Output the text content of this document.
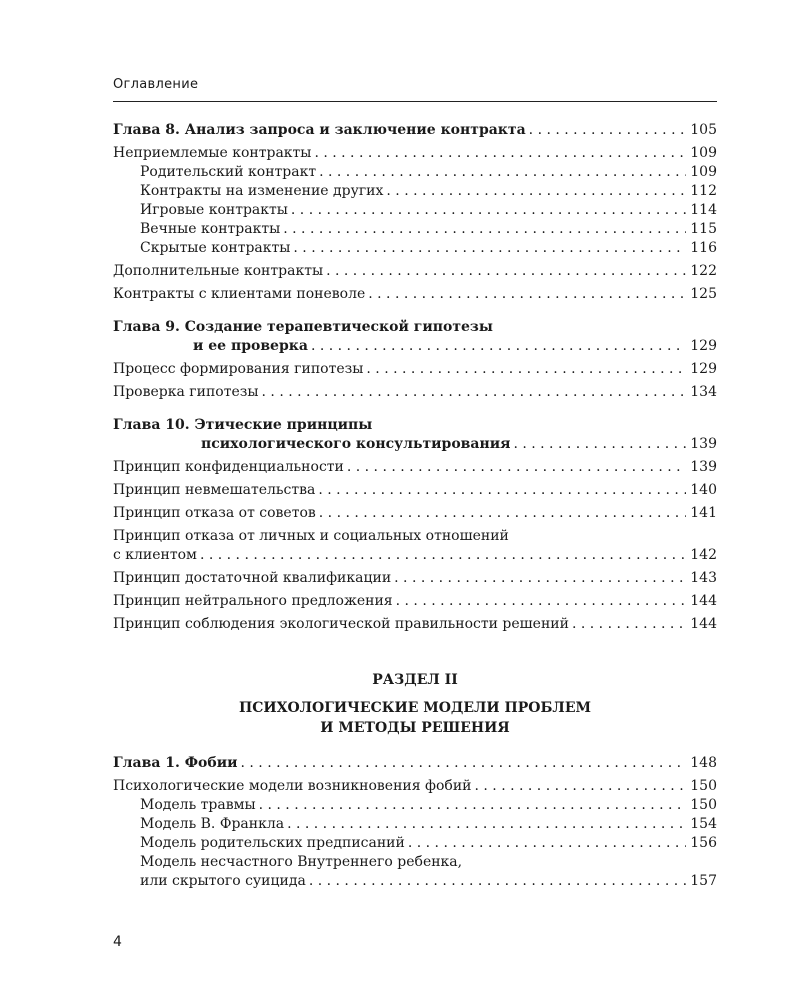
Оглавление
Глава 8. Анализ запроса и заключение контракта . . .	105
Неприемлемые контракты . . .	109
Родительский контракт . . .	109
Контракты на изменение других . . .	112
Игровые контракты . . .	114
Вечные контракты . . .	115
Скрытые контракты . . .	116
Дополнительные контракты . . .	122
Контракты с клиентами поневоле . . .	125
Глава 9. Создание терапевтической гипотезы
и ее проверка . . .	129
Процесс формирования гипотезы . . .	129
Проверка гипотезы . . .	134
Глава 10. Этические принципы
психологического консультирования . . .	139
Принцип конфиденциальности . . .	139
Принцип невмешательства . . .	140
Принцип отказа от советов . . .	141
Принцип отказа от личных и социальных отношений
с клиентом . . .	142
Принцип достаточной квалификации . . .	143
Принцип нейтрального предложения . . .	144
Принцип соблюдения экологической правильности решений . . .	144
РАЗДЕЛ II
ПСИХОЛОГИЧЕСКИЕ МОДЕЛИ ПРОБЛЕМ
И МЕТОДЫ РЕШЕНИЯ
Глава 1. Фобии . . .	148
Психологические модели возникновения фобий . . .	150
Модель травмы . . .	150
Модель В. Франкла . . .	154
Модель родительских предписаний . . .	156
Модель несчастного Внутреннего ребенка,
или скрытого суицида . . .	157
4
